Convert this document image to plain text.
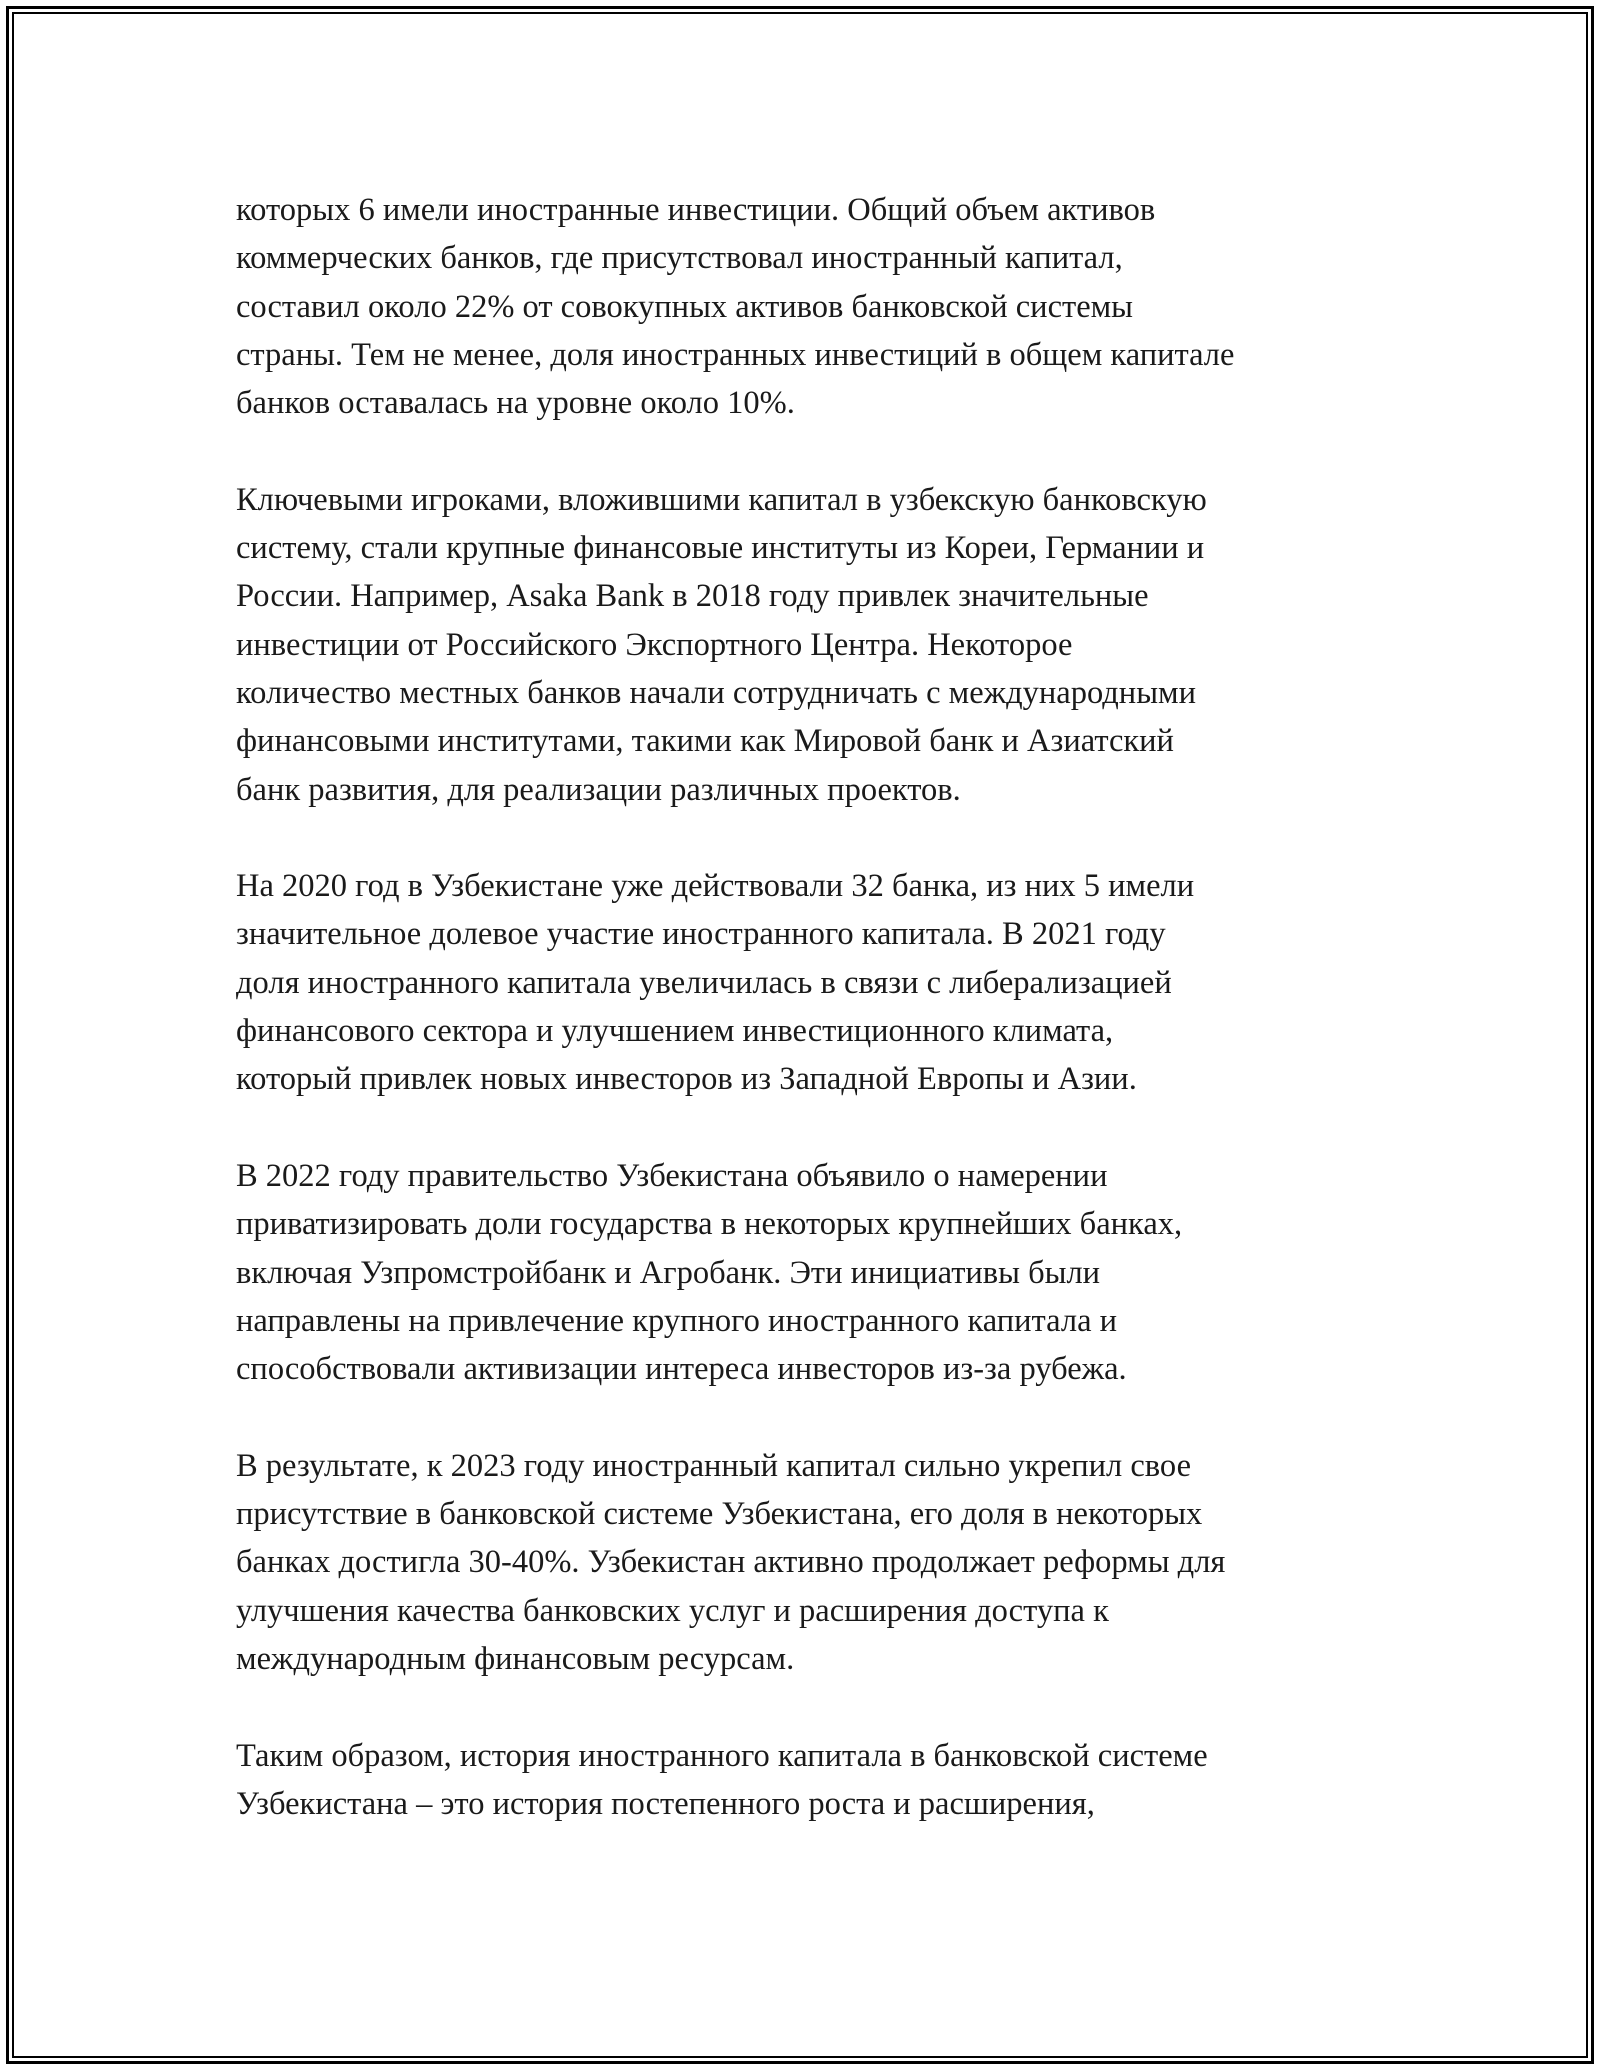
которых 6 имели иностранные инвестиции. Общий объем активов
коммерческих банков, где присутствовал иностранный капитал,
составил около 22% от совокупных активов банковской системы
страны. Тем не менее, доля иностранных инвестиций в общем капитале
банков оставалась на уровне около 10%.

Ключевыми игроками, вложившими капитал в узбекскую банковскую
систему, стали крупные финансовые институты из Кореи, Германии и
России. Например, Asaka Bank в 2018 году привлек значительные
инвестиции от Российского Экспортного Центра. Некоторое
количество местных банков начали сотрудничать с международными
финансовыми институтами, такими как Мировой банк и Азиатский
банк развития, для реализации различных проектов.

На 2020 год в Узбекистане уже действовали 32 банка, из них 5 имели
значительное долевое участие иностранного капитала. В 2021 году
доля иностранного капитала увеличилась в связи с либерализацией
финансового сектора и улучшением инвестиционного климата,
который привлек новых инвесторов из Западной Европы и Азии.

В 2022 году правительство Узбекистана объявило о намерении
приватизировать доли государства в некоторых крупнейших банках,
включая Узпромстройбанк и Агробанк. Эти инициативы были
направлены на привлечение крупного иностранного капитала и
способствовали активизации интереса инвесторов из-за рубежа.

В результате, к 2023 году иностранный капитал сильно укрепил свое
присутствие в банковской системе Узбекистана, его доля в некоторых
банках достигла 30-40%. Узбекистан активно продолжает реформы для
улучшения качества банковских услуг и расширения доступа к
международным финансовым ресурсам.

Таким образом, история иностранного капитала в банковской системе
Узбекистана – это история постепенного роста и расширения,
